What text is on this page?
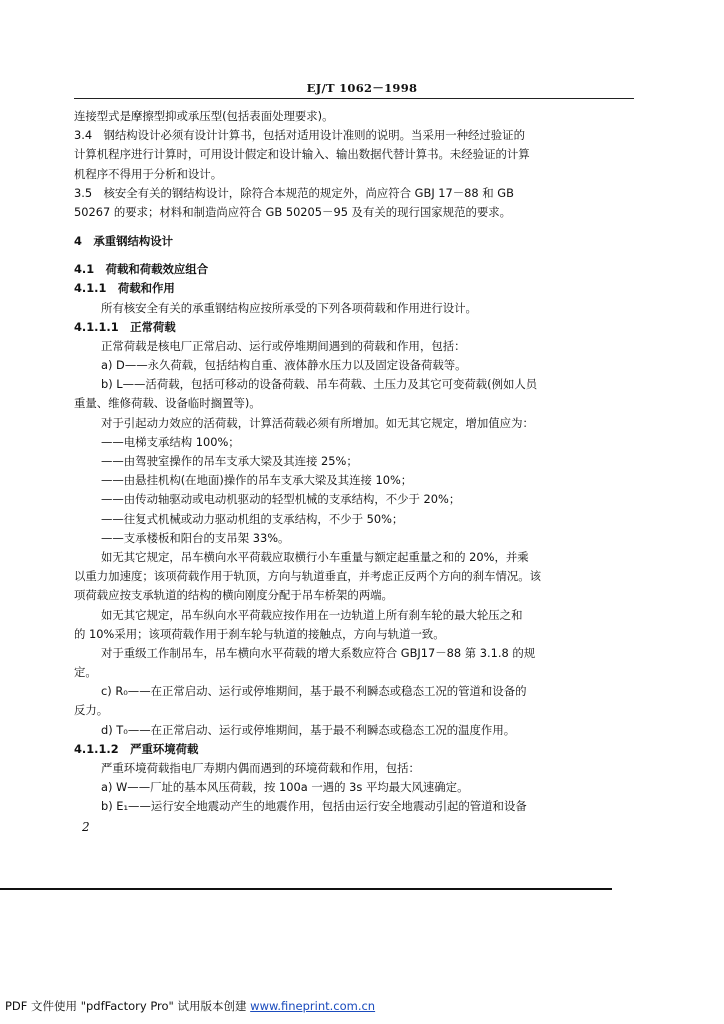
EJ/T 1062－1998
连接型式是摩擦型抑或承压型(包括表面处理要求)。
3.4　钢结构设计必须有设计计算书，包括对适用设计准则的说明。当采用一种经过验证的
计算机程序进行计算时，可用设计假定和设计输入、输出数据代替计算书。未经验证的计算
机程序不得用于分析和设计。
3.5　核安全有关的钢结构设计，除符合本规范的规定外，尚应符合 GBJ 17－88 和 GB
50267 的要求；材料和制造尚应符合 GB 50205－95 及有关的现行国家规范的要求。
4　承重钢结构设计
4.1　荷载和荷载效应组合
4.1.1　荷载和作用
所有核安全有关的承重钢结构应按所承受的下列各项荷载和作用进行设计。
4.1.1.1　正常荷载
正常荷载是核电厂正常启动、运行或停堆期间遇到的荷载和作用，包括：
a) D——永久荷载，包括结构自重、液体静水压力以及固定设备荷载等。
b) L——活荷载，包括可移动的设备荷载、吊车荷载、土压力及其它可变荷载(例如人员
重量、维修荷载、设备临时搁置等)。
对于引起动力效应的活荷载，计算活荷载必须有所增加。如无其它规定，增加值应为：
——电梯支承结构 100%；
——由驾驶室操作的吊车支承大梁及其连接 25%；
——由悬挂机构(在地面)操作的吊车支承大梁及其连接 10%；
——由传动轴驱动或电动机驱动的轻型机械的支承结构，不少于 20%；
——往复式机械或动力驱动机组的支承结构，不少于 50%；
——支承楼板和阳台的支吊架 33%。
如无其它规定，吊车横向水平荷载应取横行小车重量与额定起重量之和的 20%，并乘
以重力加速度；该项荷载作用于轨顶，方向与轨道垂直，并考虑正反两个方向的刹车情况。该
项荷载应按支承轨道的结构的横向刚度分配于吊车桥架的两端。
如无其它规定，吊车纵向水平荷载应按作用在一边轨道上所有刹车轮的最大轮压之和
的 10%采用；该项荷载作用于刹车轮与轨道的接触点，方向与轨道一致。
对于重级工作制吊车，吊车横向水平荷载的增大系数应符合 GBJ17－88 第 3.1.8 的规
定。
c) R₀——在正常启动、运行或停堆期间，基于最不利瞬态或稳态工况的管道和设备的
反力。
d) T₀——在正常启动、运行或停堆期间，基于最不利瞬态或稳态工况的温度作用。
4.1.1.2　严重环境荷载
严重环境荷载指电厂寿期内偶而遇到的环境荷载和作用，包括：
a) W——厂址的基本风压荷载，按 100a 一遇的 3s 平均最大风速确定。
b) E₁——运行安全地震动产生的地震作用，包括由运行安全地震动引起的管道和设备
2
PDF 文件使用 "pdfFactory Pro" 试用版本创建 www.fineprint.com.cn
